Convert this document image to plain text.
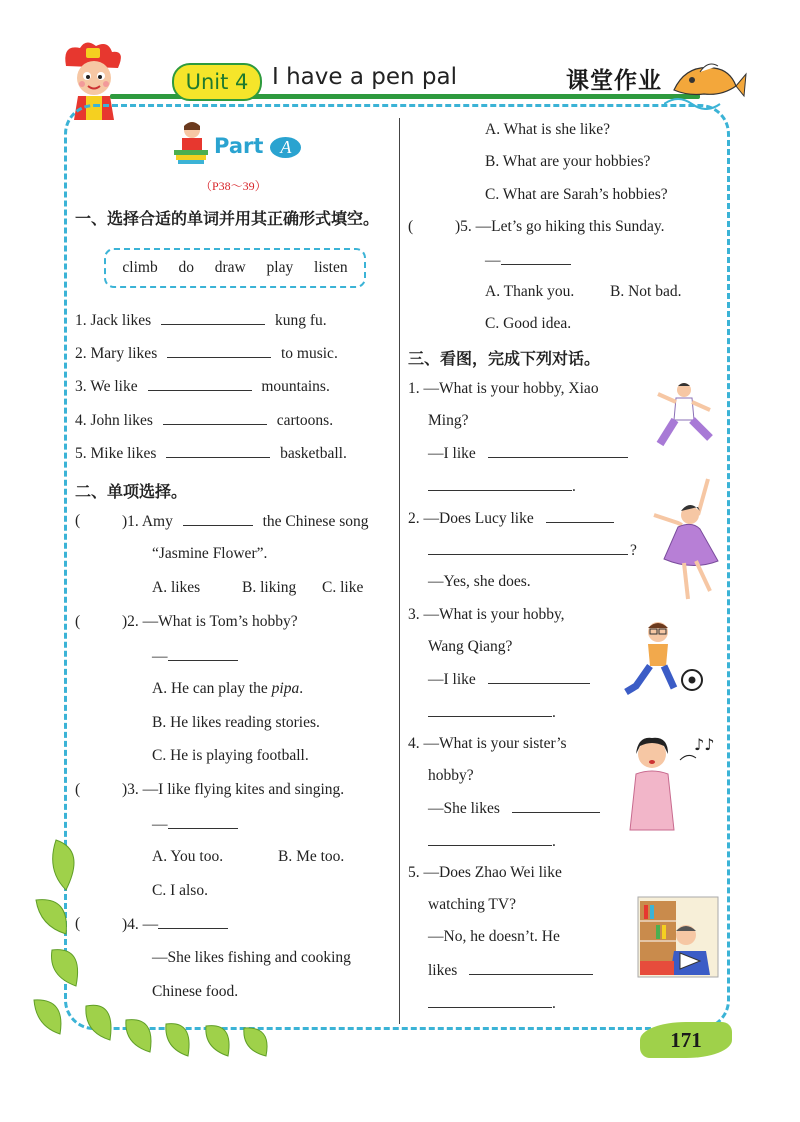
Unit 4 I have a pen pal	课堂作业
Part A
（P38～39）
一、选择合适的单词并用其正确形式填空。
climb do draw play listen
1. Jack likes	kung fu.
2. Mary likes	to music.
3. We like	mountains.
4. John likes	cartoons.
5. Mike likes	basketball.
二、单项选择。
(	)1. Amy	the Chinese song
“Jasmine Flower”.
A. likes	B. liking C. like
(	)2. —What is Tom’s hobby?
—
A. He can play the pipa.
B. He likes reading stories.
C. He is playing football.
(	)3. —I like flying kites and singing.
—
A. You too.	B. Me too.
C. I also.
(	)4. —
—She likes fishing and cooking
Chinese food.
A. What is she like?
B. What are your hobbies?
C. What are Sarah’s hobbies?
(	)5. —Let’s go hiking this Sunday.
—
A. Thank you. B. Not bad.
C. Good idea.
三、看图，完成下列对话。
1. —What is your hobby, Xiao
Ming?
—I like
.
2. —Does Lucy like
?
—Yes, she does.
3. —What is your hobby,
Wang Qiang?
—I like
.
4. —What is your sister’s
hobby?
—She likes
.
♪♪
5. —Does Zhao Wei like
watching TV?
—No, he doesn’t. He
likes
.
171
